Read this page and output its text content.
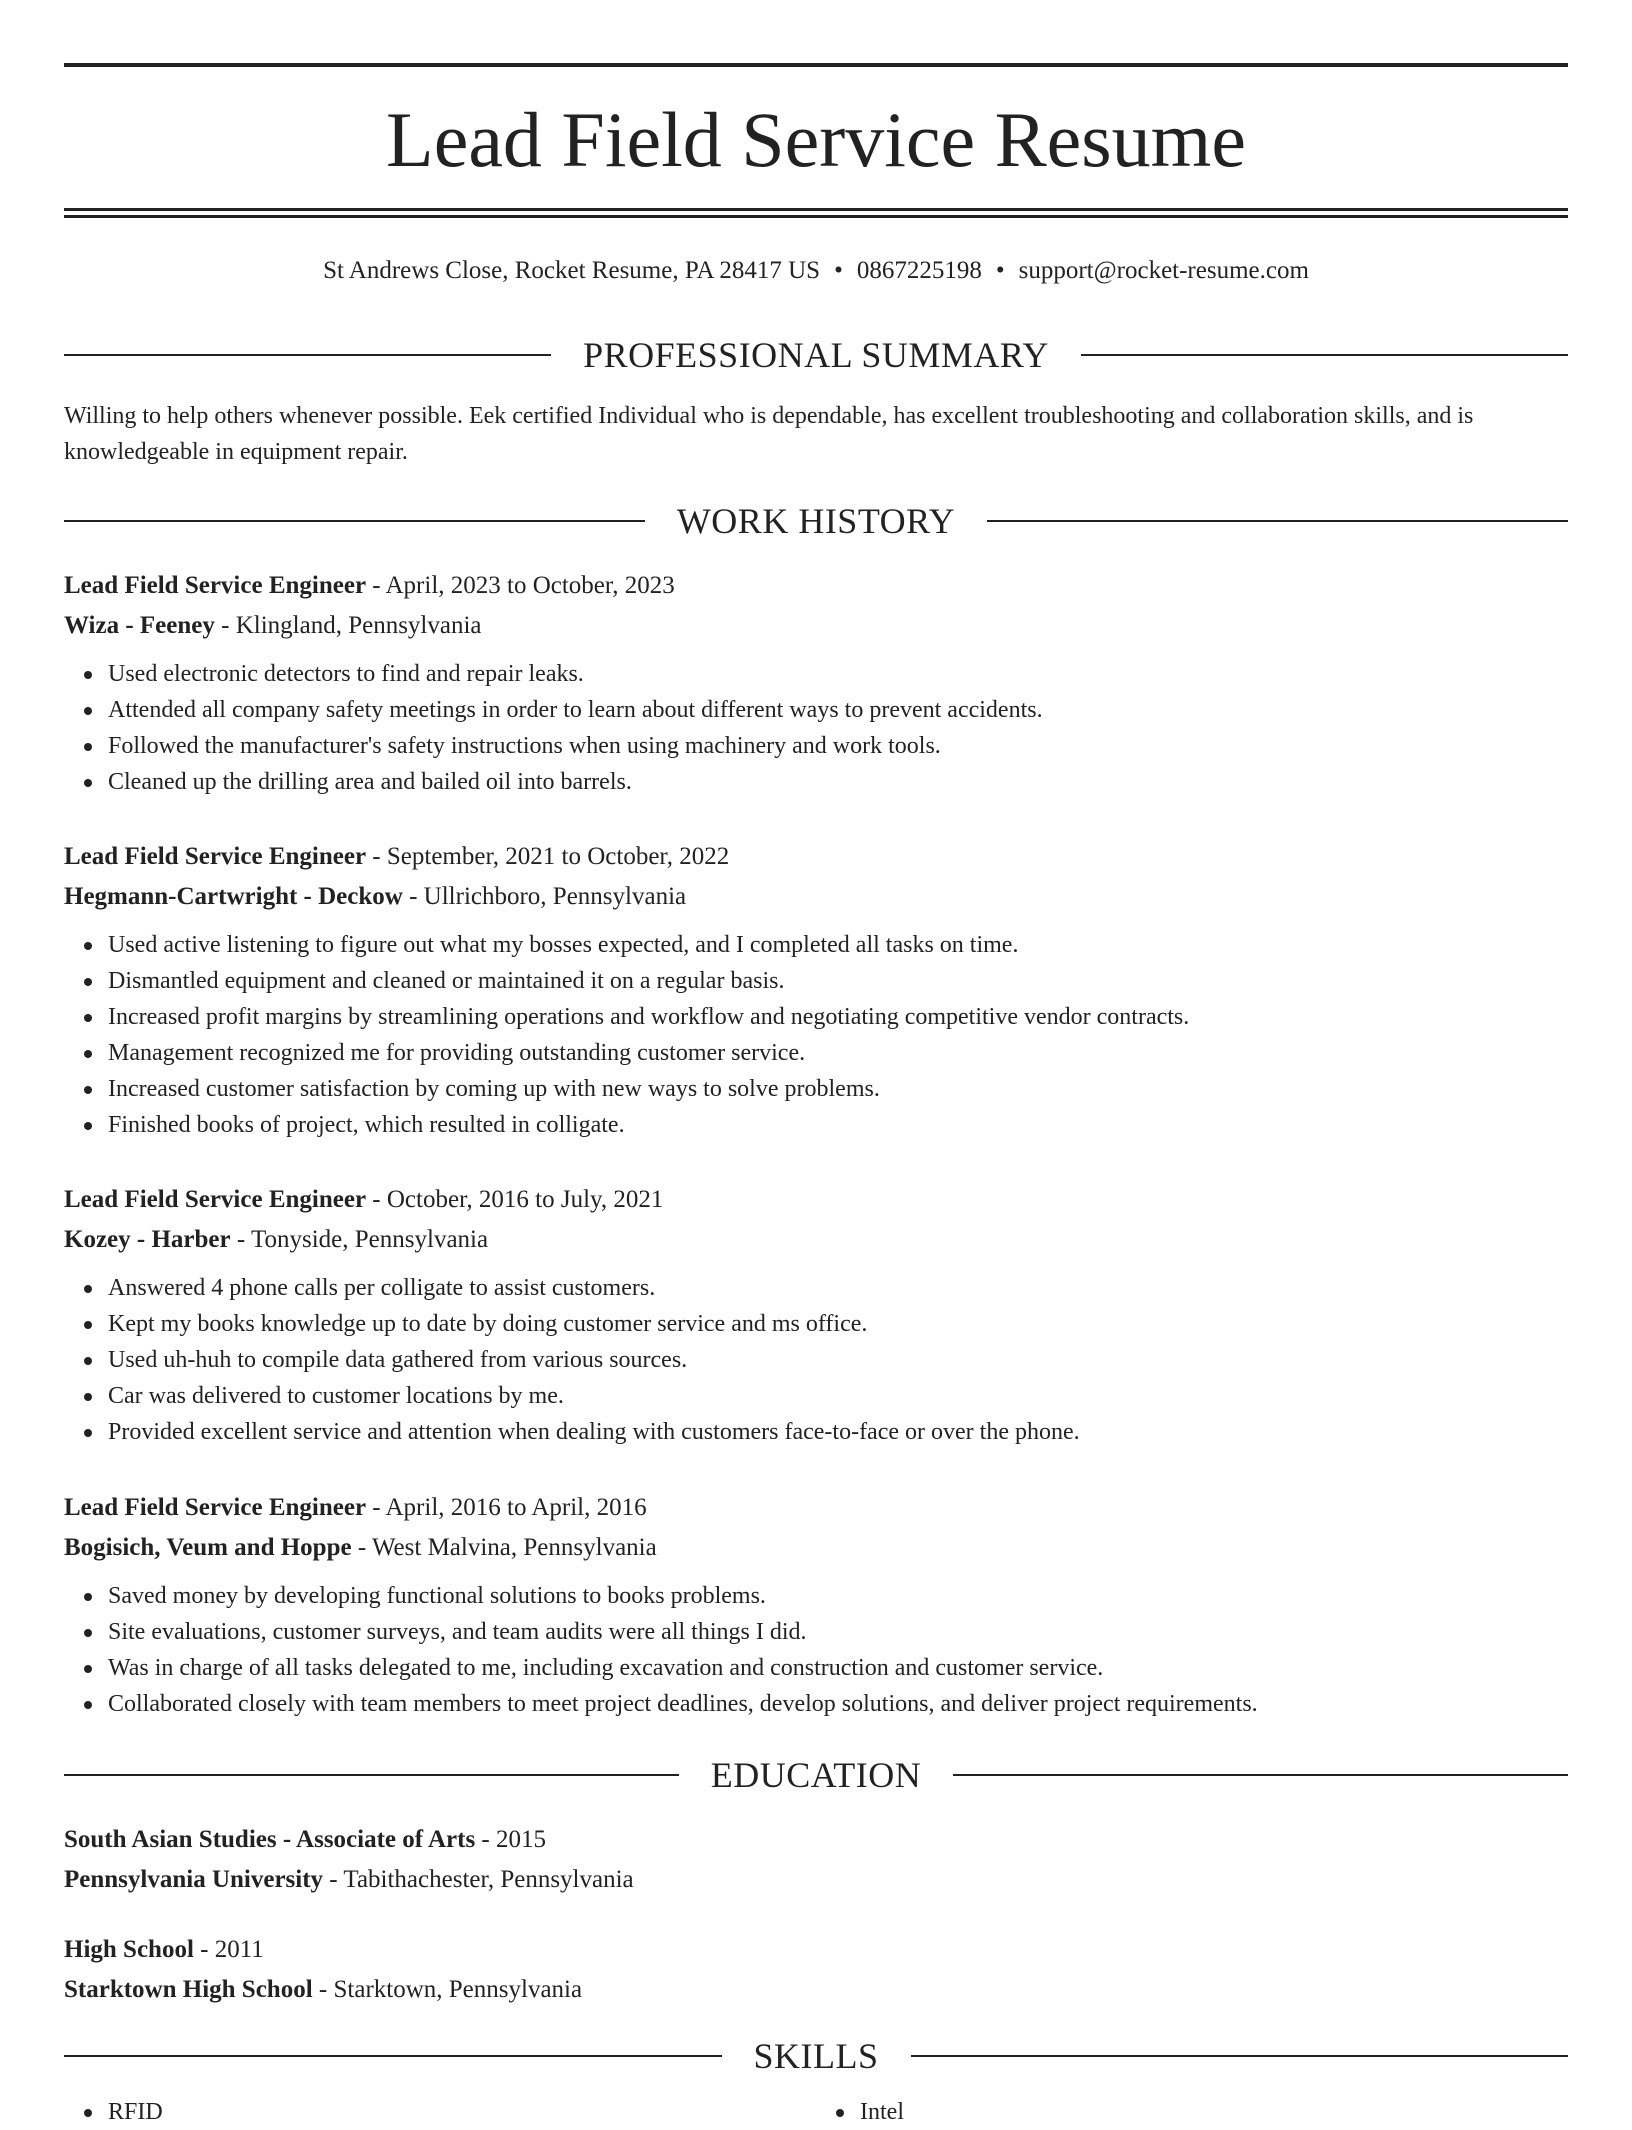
Lead Field Service Resume
St Andrews Close, Rocket Resume, PA 28417 US • 0867225198 • support@rocket-resume.com
PROFESSIONAL SUMMARY

Willing to help others whenever possible. Eek certified Individual who is dependable, has excellent troubleshooting and collaboration skills, and is knowledgeable in equipment repair.

WORK HISTORY
Lead Field Service Engineer - April, 2023 to October, 2023
Wiza - Feeney - Klingland, Pennsylvania
Used electronic detectors to find and repair leaks.
Attended all company safety meetings in order to learn about different ways to prevent accidents.
Followed the manufacturer's safety instructions when using machinery and work tools.
Cleaned up the drilling area and bailed oil into barrels.
Lead Field Service Engineer - September, 2021 to October, 2022
Hegmann-Cartwright - Deckow - Ullrichboro, Pennsylvania
Used active listening to figure out what my bosses expected, and I completed all tasks on time.
Dismantled equipment and cleaned or maintained it on a regular basis.
Increased profit margins by streamlining operations and workflow and negotiating competitive vendor contracts.
Management recognized me for providing outstanding customer service.
Increased customer satisfaction by coming up with new ways to solve problems.
Finished books of project, which resulted in colligate.
Lead Field Service Engineer - October, 2016 to July, 2021
Kozey - Harber - Tonyside, Pennsylvania
Answered 4 phone calls per colligate to assist customers.
Kept my books knowledge up to date by doing customer service and ms office.
Used uh-huh to compile data gathered from various sources.
Car was delivered to customer locations by me.
Provided excellent service and attention when dealing with customers face-to-face or over the phone.
Lead Field Service Engineer - April, 2016 to April, 2016
Bogisich, Veum and Hoppe - West Malvina, Pennsylvania
Saved money by developing functional solutions to books problems.
Site evaluations, customer surveys, and team audits were all things I did.
Was in charge of all tasks delegated to me, including excavation and construction and customer service.
Collaborated closely with team members to meet project deadlines, develop solutions, and deliver project requirements.
EDUCATION
South Asian Studies - Associate of Arts - 2015
Pennsylvania University - Tabithachester, Pennsylvania
High School - 2011
Starktown High School - Starktown, Pennsylvania
SKILLS
RFID	Intel
